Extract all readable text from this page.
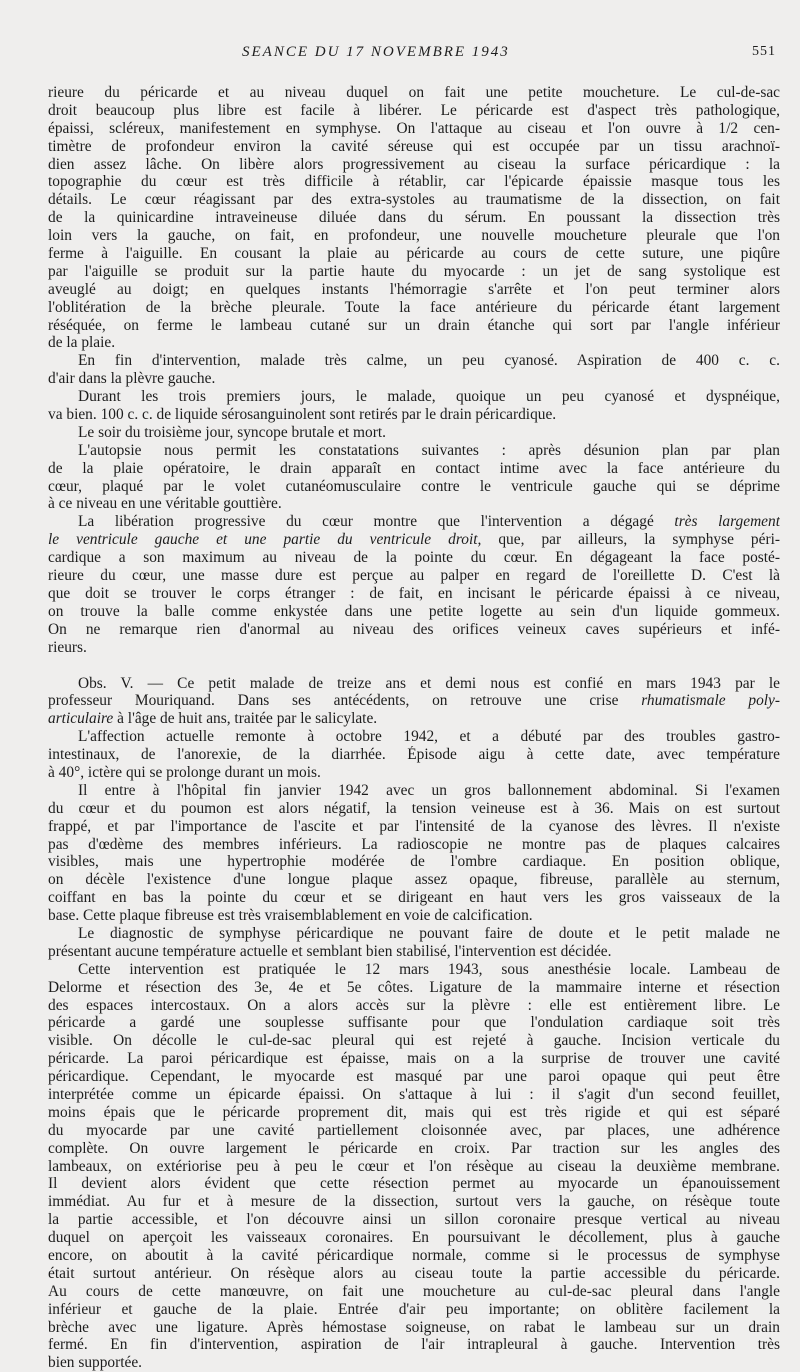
SEANCE DU 17 NOVEMBRE 1943	551
rieure du péricarde et au niveau duquel on fait une petite moucheture. Le cul-de-sac
droit beaucoup plus libre est facile à libérer. Le péricarde est d'aspect très pathologique,
épaissi, scléreux, manifestement en symphyse. On l'attaque au ciseau et l'on ouvre à 1/2 cen-
timètre de profondeur environ la cavité séreuse qui est occupée par un tissu arachnoï-
dien assez lâche. On libère alors progressivement au ciseau la surface péricardique : la
topographie du cœur est très difficile à rétablir, car l'épicarde épaissie masque tous les
détails. Le cœur réagissant par des extra-systoles au traumatisme de la dissection, on fait
de la quinicardine intraveineuse diluée dans du sérum. En poussant la dissection très
loin vers la gauche, on fait, en profondeur, une nouvelle moucheture pleurale que l'on
ferme à l'aiguille. En cousant la plaie au péricarde au cours de cette suture, une piqûre
par l'aiguille se produit sur la partie haute du myocarde : un jet de sang systolique est
aveuglé au doigt; en quelques instants l'hémorragie s'arrête et l'on peut terminer alors
l'oblitération de la brèche pleurale. Toute la face antérieure du péricarde étant largement
réséquée, on ferme le lambeau cutané sur un drain étanche qui sort par l'angle inférieur
de la plaie.
En fin d'intervention, malade très calme, un peu cyanosé. Aspiration de 400 c. c.
d'air dans la plèvre gauche.
Durant les trois premiers jours, le malade, quoique un peu cyanosé et dyspnéique,
va bien. 100 c. c. de liquide sérosanguinolent sont retirés par le drain péricardique.
Le soir du troisième jour, syncope brutale et mort.
L'autopsie nous permit les constatations suivantes : après désunion plan par plan
de la plaie opératoire, le drain apparaît en contact intime avec la face antérieure du
cœur, plaqué par le volet cutanéomusculaire contre le ventricule gauche qui se déprime
à ce niveau en une véritable gouttière.
La libération progressive du cœur montre que l'intervention a dégagé très largement
le ventricule gauche et une partie du ventricule droit, que, par ailleurs, la symphyse péri-
cardique a son maximum au niveau de la pointe du cœur. En dégageant la face posté-
rieure du cœur, une masse dure est perçue au palper en regard de l'oreillette D. C'est là
que doit se trouver le corps étranger : de fait, en incisant le péricarde épaissi à ce niveau,
on trouve la balle comme enkystée dans une petite logette au sein d'un liquide gommeux.
On ne remarque rien d'anormal au niveau des orifices veineux caves supérieurs et infé-
rieurs.
Obs. V. — Ce petit malade de treize ans et demi nous est confié en mars 1943 par le
professeur Mouriquand. Dans ses antécédents, on retrouve une crise rhumatismale poly-
articulaire à l'âge de huit ans, traitée par le salicylate.
L'affection actuelle remonte à octobre 1942, et a débuté par des troubles gastro-
intestinaux, de l'anorexie, de la diarrhée. Épisode aigu à cette date, avec température
à 40°, ictère qui se prolonge durant un mois.
Il entre à l'hôpital fin janvier 1942 avec un gros ballonnement abdominal. Si l'examen
du cœur et du poumon est alors négatif, la tension veineuse est à 36. Mais on est surtout
frappé, et par l'importance de l'ascite et par l'intensité de la cyanose des lèvres. Il n'existe
pas d'œdème des membres inférieurs. La radioscopie ne montre pas de plaques calcaires
visibles, mais une hypertrophie modérée de l'ombre cardiaque. En position oblique,
on décèle l'existence d'une longue plaque assez opaque, fibreuse, parallèle au sternum,
coiffant en bas la pointe du cœur et se dirigeant en haut vers les gros vaisseaux de la
base. Cette plaque fibreuse est très vraisemblablement en voie de calcification.
Le diagnostic de symphyse péricardique ne pouvant faire de doute et le petit malade ne
présentant aucune température actuelle et semblant bien stabilisé, l'intervention est décidée.
Cette intervention est pratiquée le 12 mars 1943, sous anesthésie locale. Lambeau de
Delorme et résection des 3e, 4e et 5e côtes. Ligature de la mammaire interne et résection
des espaces intercostaux. On a alors accès sur la plèvre : elle est entièrement libre. Le
péricarde a gardé une souplesse suffisante pour que l'ondulation cardiaque soit très
visible. On décolle le cul-de-sac pleural qui est rejeté à gauche. Incision verticale du
péricarde. La paroi péricardique est épaisse, mais on a la surprise de trouver une cavité
péricardique. Cependant, le myocarde est masqué par une paroi opaque qui peut être
interprétée comme un épicarde épaissi. On s'attaque à lui : il s'agit d'un second feuillet,
moins épais que le péricarde proprement dit, mais qui est très rigide et qui est séparé
du myocarde par une cavité partiellement cloisonnée avec, par places, une adhérence
complète. On ouvre largement le péricarde en croix. Par traction sur les angles des
lambeaux, on extériorise peu à peu le cœur et l'on résèque au ciseau la deuxième membrane.
Il devient alors évident que cette résection permet au myocarde un épanouissement
immédiat. Au fur et à mesure de la dissection, surtout vers la gauche, on résèque toute
la partie accessible, et l'on découvre ainsi un sillon coronaire presque vertical au niveau
duquel on aperçoit les vaisseaux coronaires. En poursuivant le décollement, plus à gauche
encore, on aboutit à la cavité péricardique normale, comme si le processus de symphyse
était surtout antérieur. On résèque alors au ciseau toute la partie accessible du péricarde.
Au cours de cette manœuvre, on fait une moucheture au cul-de-sac pleural dans l'angle
inférieur et gauche de la plaie. Entrée d'air peu importante; on oblitère facilement la
brèche avec une ligature. Après hémostase soigneuse, on rabat le lambeau sur un drain
fermé. En fin d'intervention, aspiration de l'air intrapleural à gauche. Intervention très
bien supportée.
